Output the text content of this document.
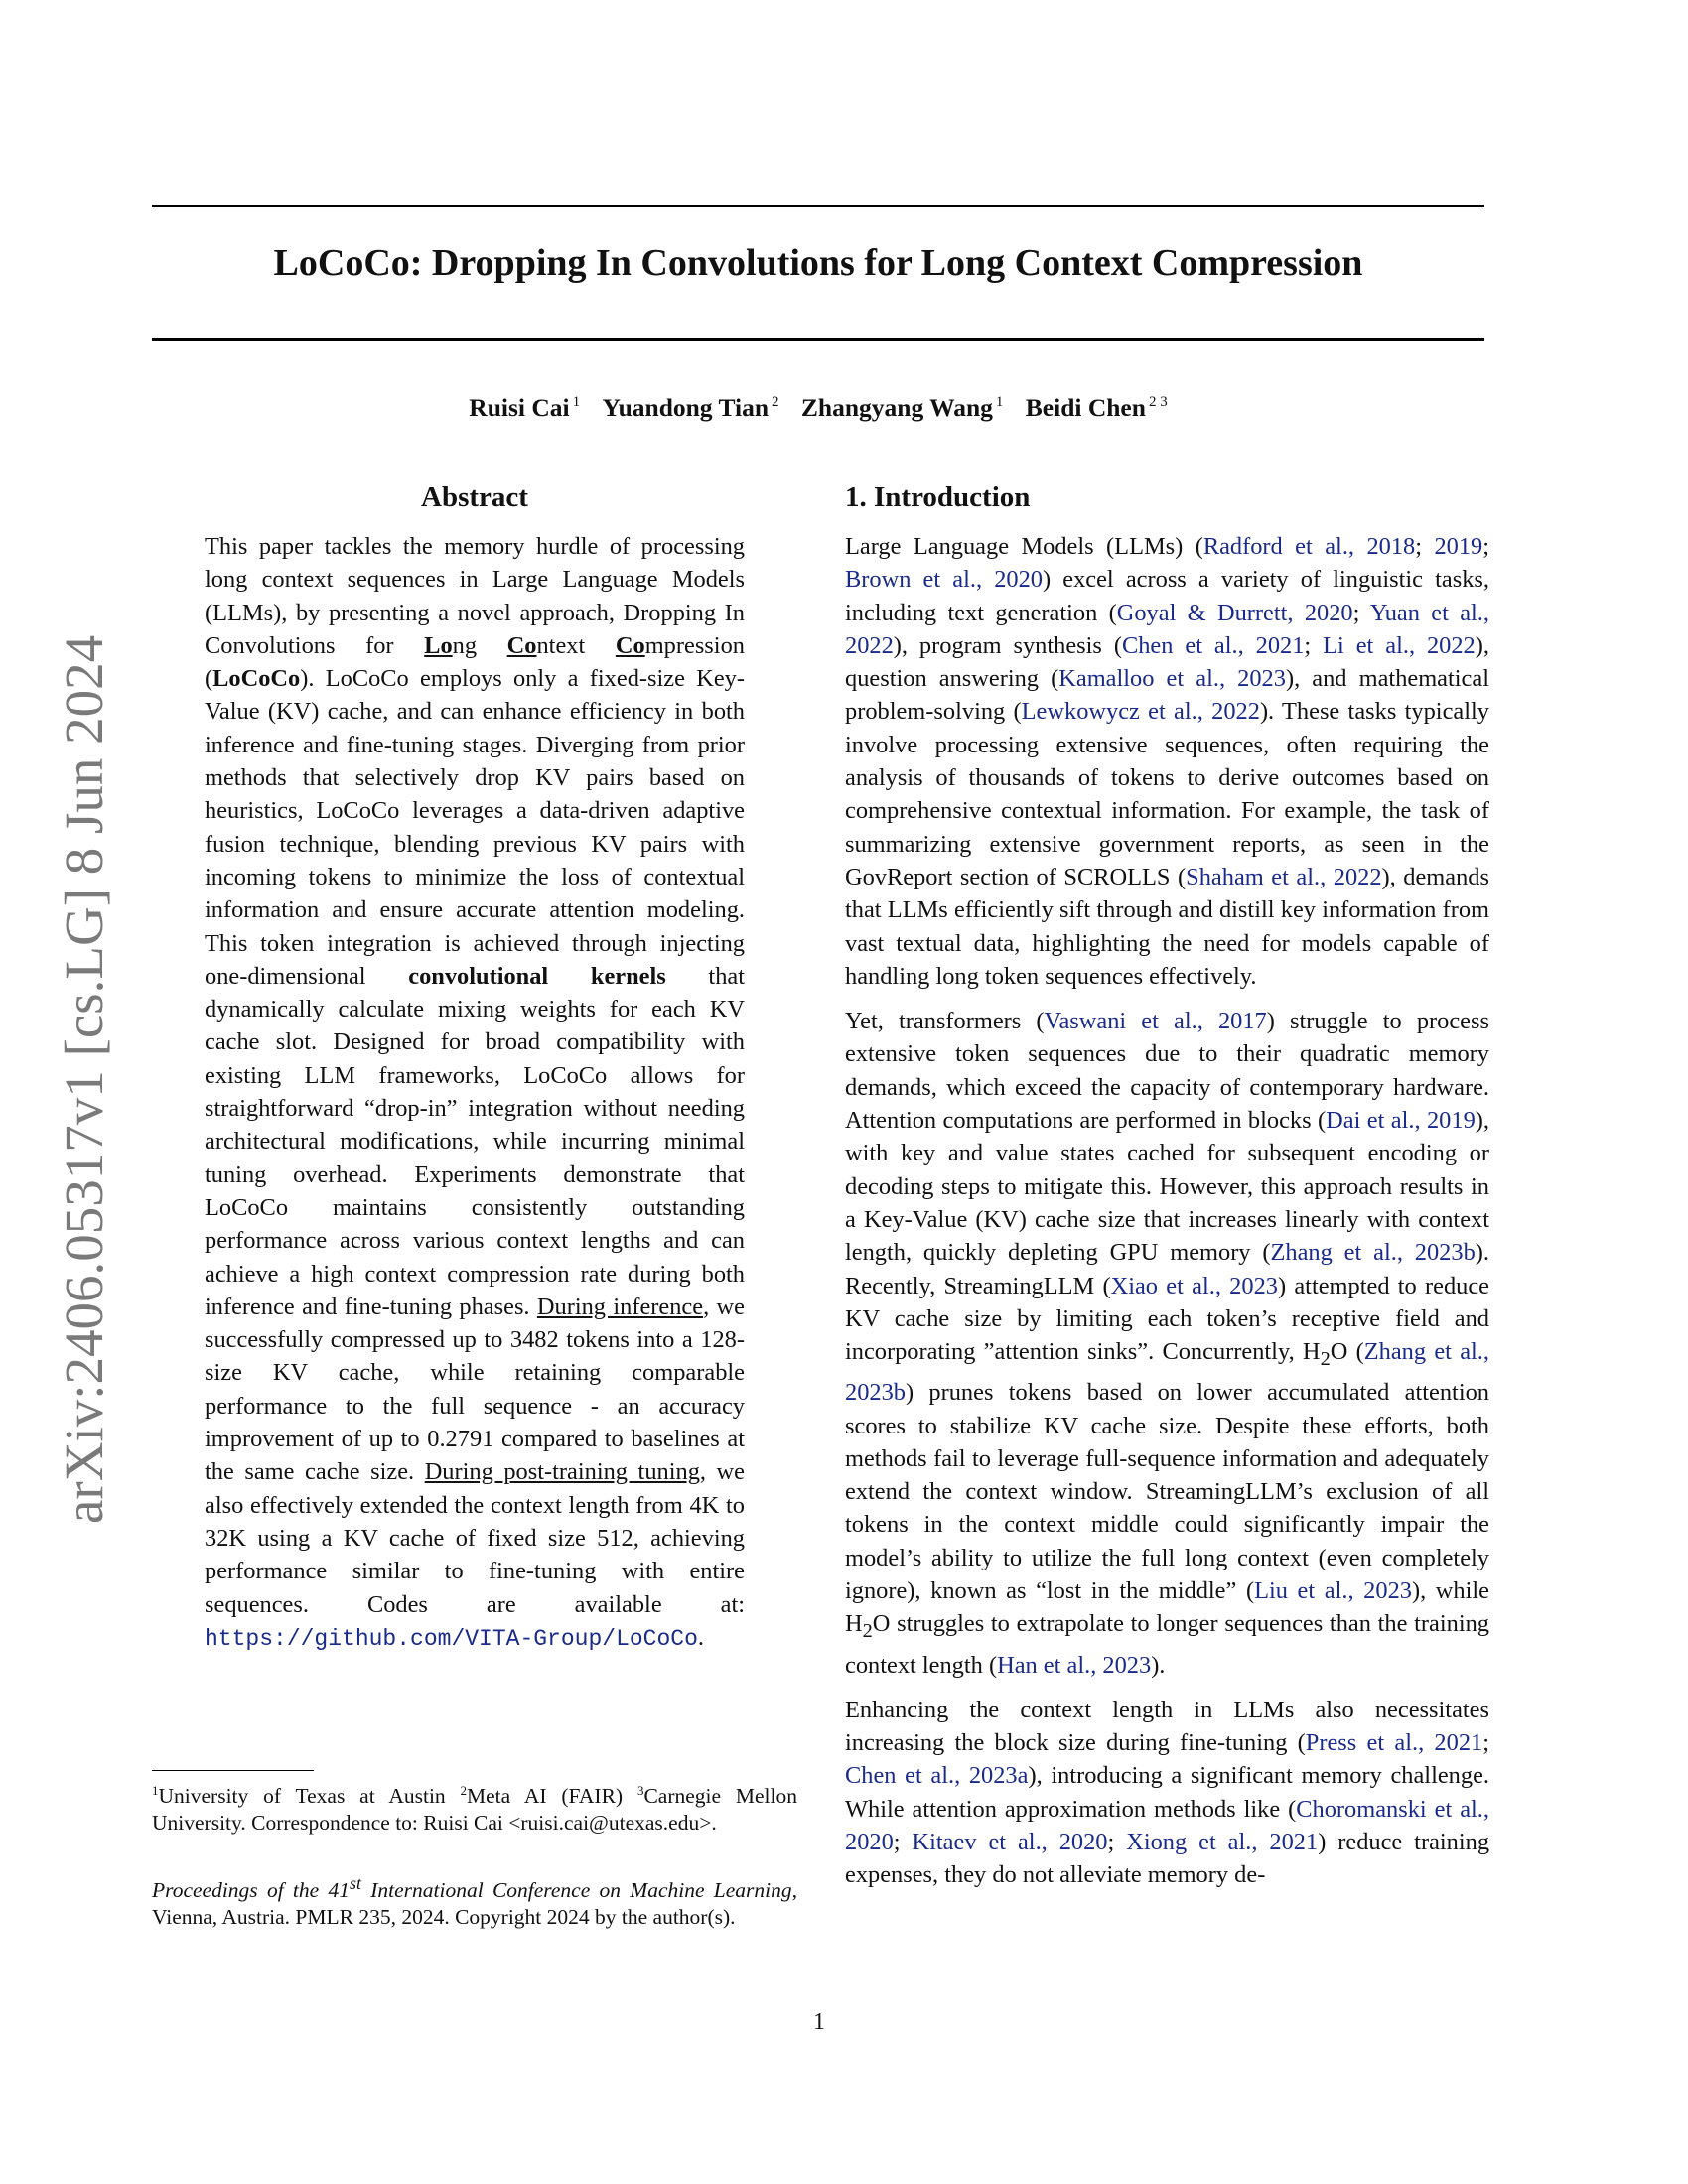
LoCoCo: Dropping In Convolutions for Long Context Compression
Ruisi Cai $^1$ Yuandong Tian $^2$ Zhangyang Wang $^1$ Beidi Chen $^{2 3}$
arXiv:2406.05317v1 [cs.LG] 8 Jun 2024
Abstract

This paper tackles the memory hurdle of processing long context sequences in Large Language Models (LLMs), by presenting a novel approach, Dropping In Convolutions for Long Context Compression (LoCoCo). LoCoCo employs only a fixed-size Key-Value (KV) cache, and can enhance efficiency in both inference and fine-tuning stages. Diverging from prior methods that selectively drop KV pairs based on heuristics, LoCoCo leverages a data-driven adaptive fusion technique, blending previous KV pairs with incoming tokens to minimize the loss of contextual information and ensure accurate attention modeling. This token integration is achieved through injecting one-dimensional convolutional kernels that dynamically calculate mixing weights for each KV cache slot. Designed for broad compatibility with existing LLM frameworks, LoCoCo allows for straightforward “drop-in” integration without needing architectural modifications, while incurring minimal tuning overhead. Experiments demonstrate that LoCoCo maintains consistently outstanding performance across various context lengths and can achieve a high context compression rate during both inference and fine-tuning phases. During inference, we successfully compressed up to 3482 tokens into a 128-size KV cache, while retaining comparable performance to the full sequence - an accuracy improvement of up to 0.2791 compared to baselines at the same cache size. During post-training tuning, we also effectively extended the context length from 4K to 32K using a KV cache of fixed size 512, achieving performance similar to fine-tuning with entire sequences. Codes are available at: https://github.com/VITA-Group/LoCoCo.

$^1$University of Texas at Austin $^2$Meta AI (FAIR) $^3$Carnegie Mellon University. Correspondence to: Ruisi Cai <ruisi.cai@utexas.edu>.

Proceedings of the 41st International Conference on Machine Learning, Vienna, Austria. PMLR 235, 2024. Copyright 2024 by the author(s).

1. Introduction

Large Language Models (LLMs) (Radford et al., 2018; 2019; Brown et al., 2020) excel across a variety of linguistic tasks, including text generation (Goyal & Durrett, 2020; Yuan et al., 2022), program synthesis (Chen et al., 2021; Li et al., 2022), question answering (Kamalloo et al., 2023), and mathematical problem-solving (Lewkowycz et al., 2022). These tasks typically involve processing extensive sequences, often requiring the analysis of thousands of tokens to derive outcomes based on comprehensive contextual information. For example, the task of summarizing extensive government reports, as seen in the GovReport section of SCROLLS (Shaham et al., 2022), demands that LLMs efficiently sift through and distill key information from vast textual data, highlighting the need for models capable of handling long token sequences effectively.

Yet, transformers (Vaswani et al., 2017) struggle to process extensive token sequences due to their quadratic memory demands, which exceed the capacity of contemporary hardware. Attention computations are performed in blocks (Dai et al., 2019), with key and value states cached for subsequent encoding or decoding steps to mitigate this. However, this approach results in a Key-Value (KV) cache size that increases linearly with context length, quickly depleting GPU memory (Zhang et al., 2023b). Recently, StreamingLLM (Xiao et al., 2023) attempted to reduce KV cache size by limiting each token’s receptive field and incorporating ”attention sinks”. Concurrently, $H_2O$ (Zhang et al., 2023b) prunes tokens based on lower accumulated attention scores to stabilize KV cache size. Despite these efforts, both methods fail to leverage full-sequence information and adequately extend the context window. StreamingLLM’s exclusion of all tokens in the context middle could significantly impair the model’s ability to utilize the full long context (even completely ignore), known as “lost in the middle” (Liu et al., 2023), while $H_2O$ struggles to extrapolate to longer sequences than the training context length (Han et al., 2023).

Enhancing the context length in LLMs also necessitates increasing the block size during fine-tuning (Press et al., 2021; Chen et al., 2023a), introducing a significant memory challenge. While attention approximation methods like (Choromanski et al., 2020; Kitaev et al., 2020; Xiong et al., 2021) reduce training expenses, they do not alleviate memory de-

1
